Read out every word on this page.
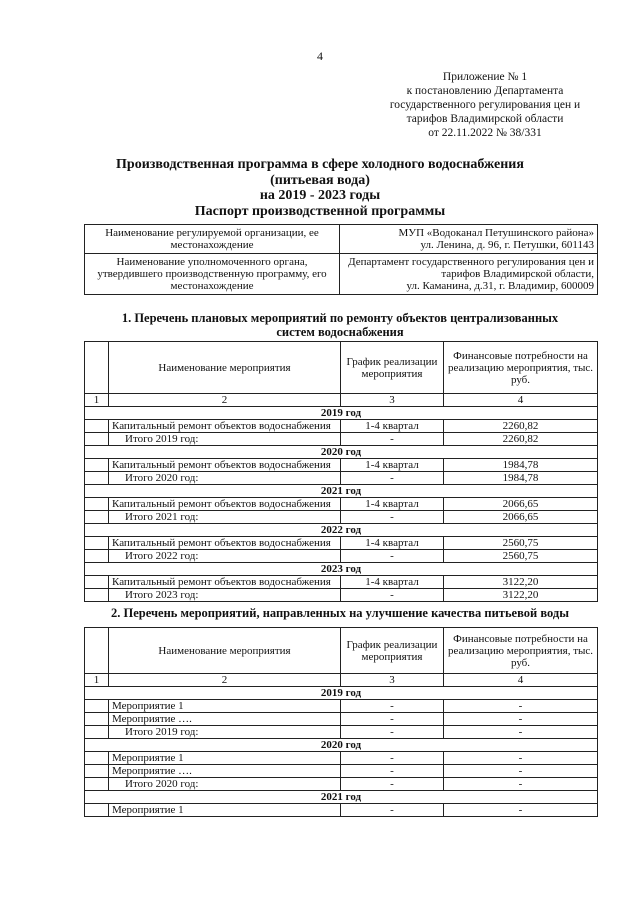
4
Приложение № 1
к постановлению Департамента
государственного регулирования цен и
тарифов Владимирской области
от 22.11.2022 № 38/331
Производственная программа в сфере холодного водоснабжения
(питьевая вода)
на 2019 - 2023 годы
Паспорт производственной программы
Наименование регулируемой организации, ее местонахождение	МУП «Водоканал Петушинского района»
ул. Ленина, д. 96, г. Петушки, 601143

Наименование уполномоченного органа, утвердившего производственную программу, его местонахождение	Департамент государственного регулирования цен и тарифов Владимирской области,
ул. Каманина, д.31, г. Владимир, 600009
1. Перечень плановых мероприятий по ремонту объектов централизованных
систем водоснабжения
	Наименование мероприятия	График реализации мероприятия	Финансовые потребности на реализацию мероприятия, тыс. руб.
1	2	3	4
2019 год			
	Капитальный ремонт объектов водоснабжения	1-4 квартал	2260,82
	Итого 2019 год:	-	2260,82
2020 год			
	Капитальный ремонт объектов водоснабжения	1-4 квартал	1984,78
	Итого 2020 год:	-	1984,78
2021 год			
	Капитальный ремонт объектов водоснабжения	1-4 квартал	2066,65
	Итого 2021 год:	-	2066,65
2022 год			
	Капитальный ремонт объектов водоснабжения	1-4 квартал	2560,75
	Итого 2022 год:	-	2560,75
2023 год			
	Капитальный ремонт объектов водоснабжения	1-4 квартал	3122,20
	Итого 2023 год:	-	3122,20
2. Перечень мероприятий, направленных на улучшение качества питьевой воды
	Наименование мероприятия	График реализации мероприятия	Финансовые потребности на реализацию мероприятия, тыс. руб.
1	2	3	4
2019 год			
	Мероприятие 1	-	-
	Мероприятие ….	-	-
	Итого 2019 год:	-	-
2020 год			
	Мероприятие 1	-	-
	Мероприятие ….	-	-
	Итого 2020 год:	-	-
2021 год			
	Мероприятие 1	-	-
